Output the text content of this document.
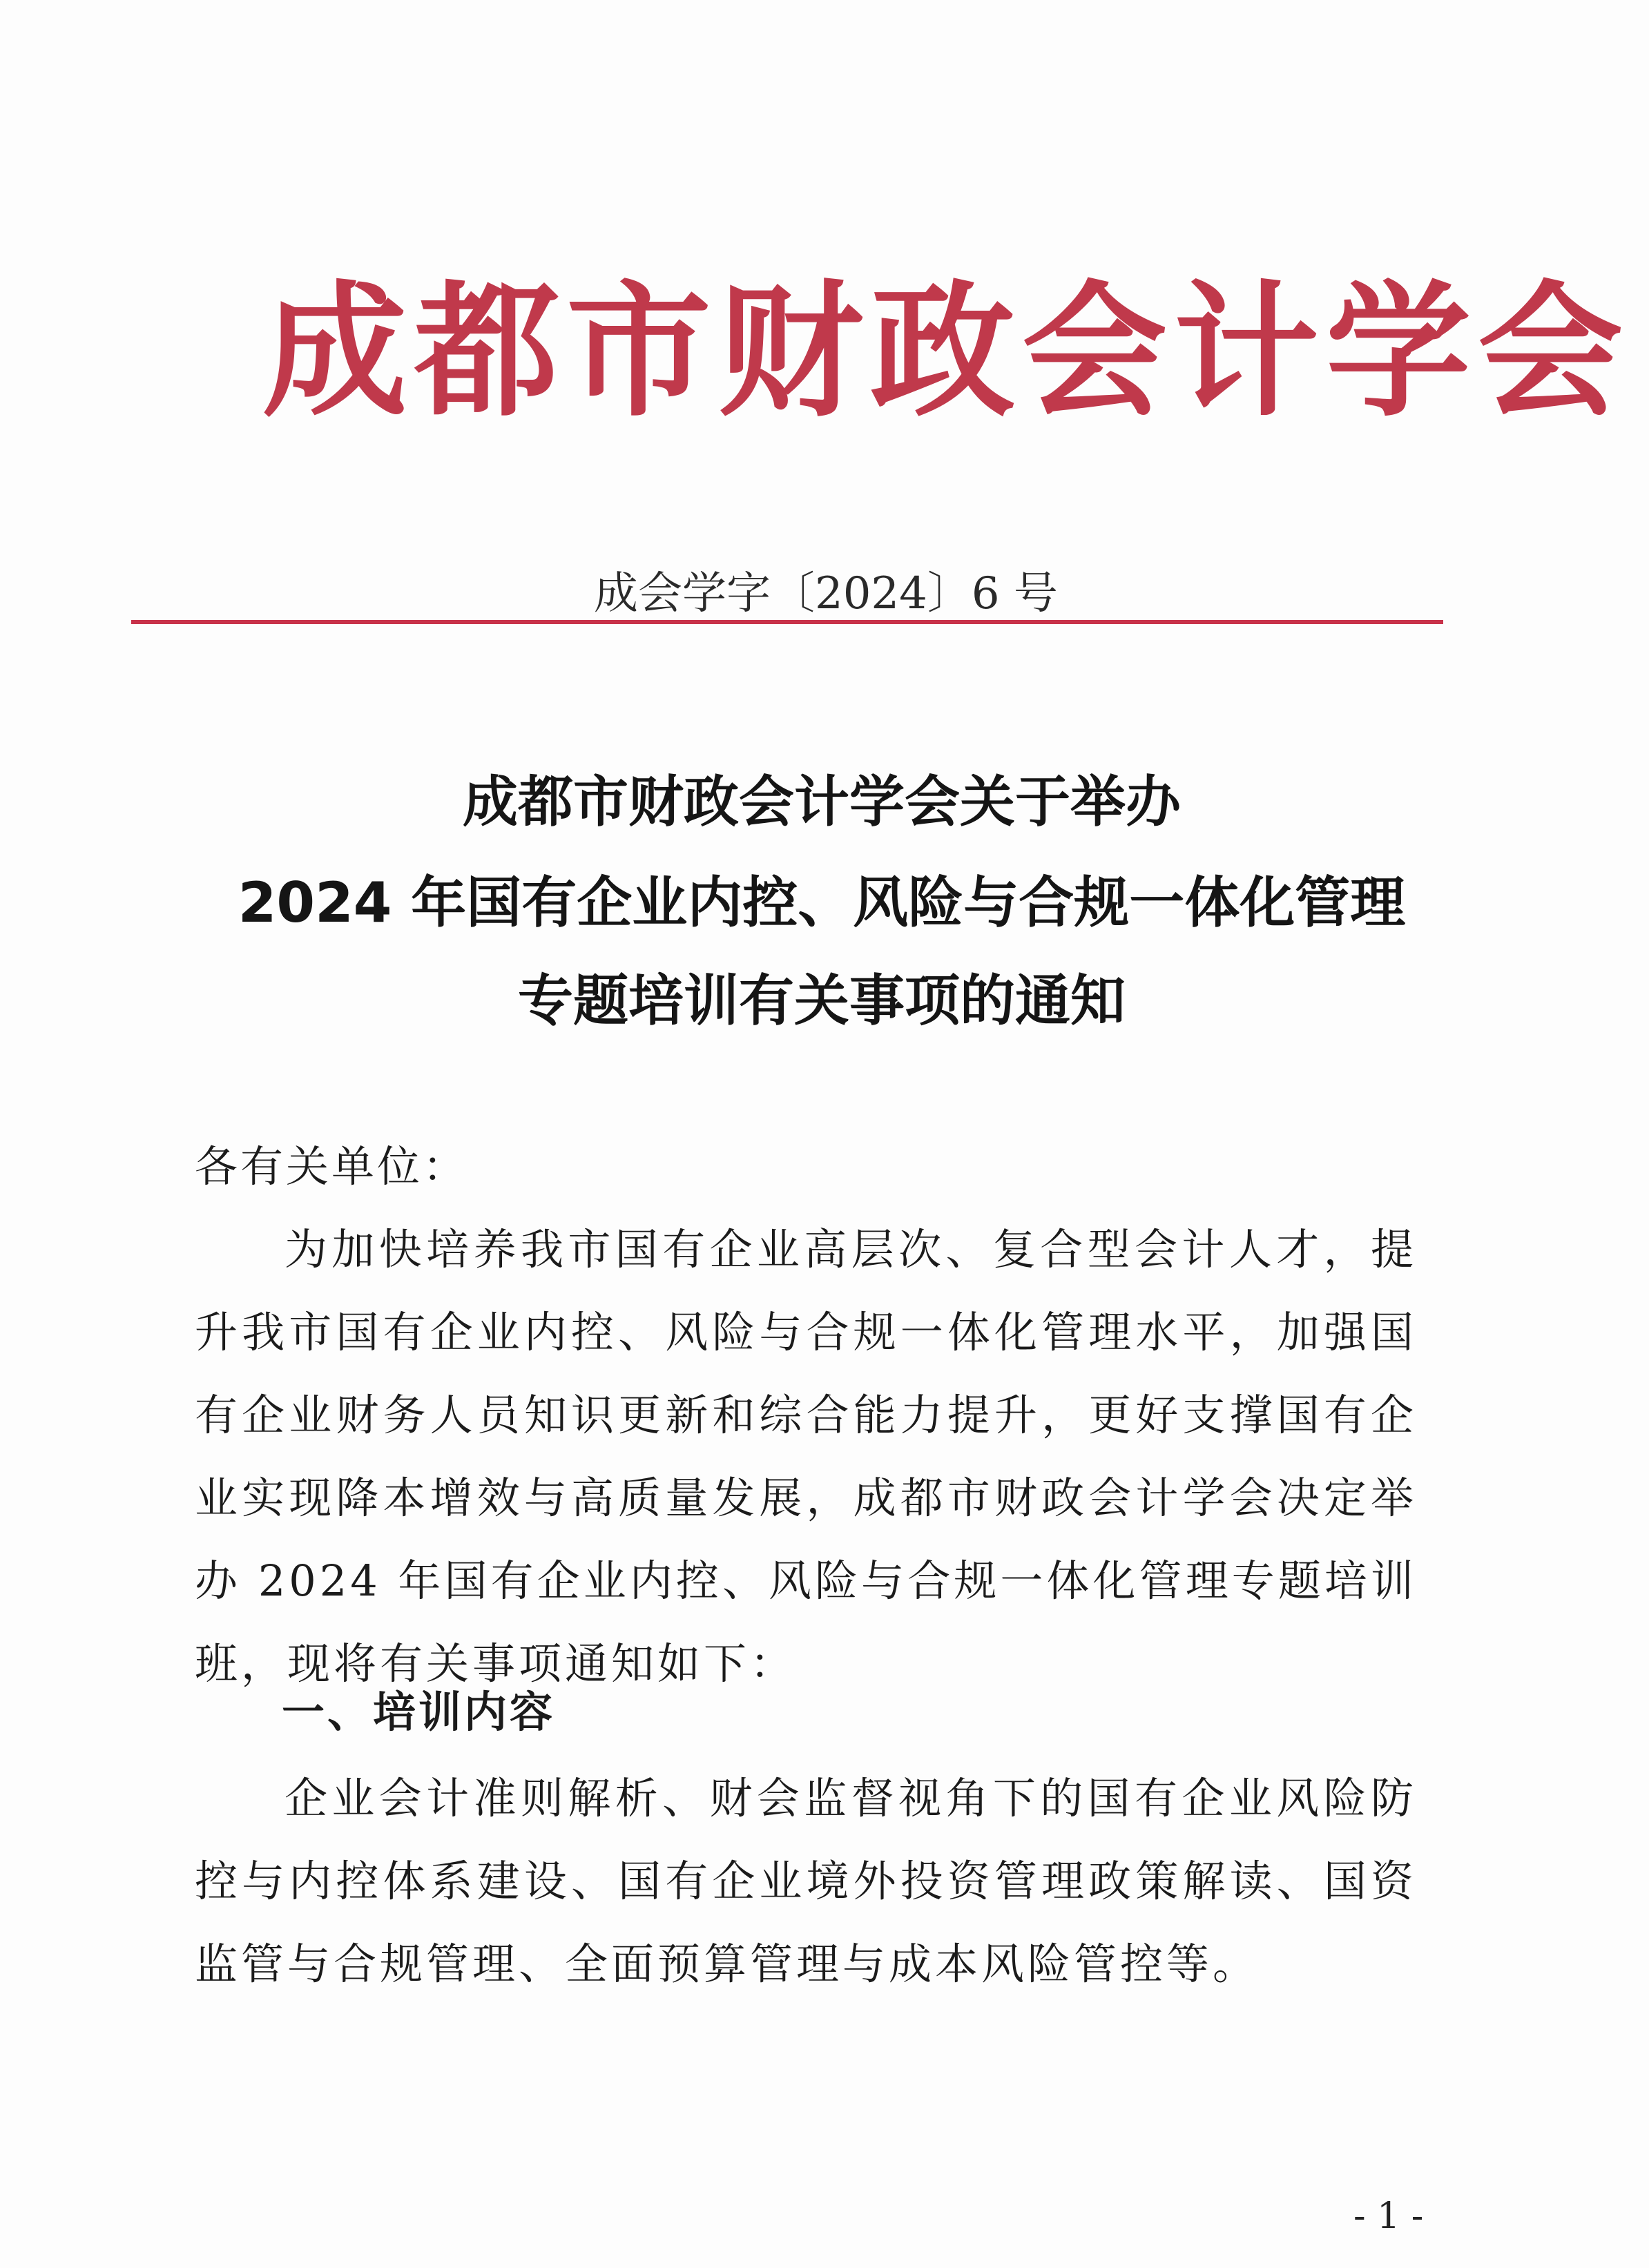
成都市财政会计学会
成会学字〔2024〕6 号
成都市财政会计学会关于举办
2024 年国有企业内控、风险与合规一体化管理
专题培训有关事项的通知
各有关单位：
为加快培养我市国有企业高层次、复合型会计人才，提升我市国有企业内控、风险与合规一体化管理水平，加强国有企业财务人员知识更新和综合能力提升，更好支撑国有企业实现降本增效与高质量发展，成都市财政会计学会决定举办 2024 年国有企业内控、风险与合规一体化管理专题培训班，现将有关事项通知如下：
一、培训内容
企业会计准则解析、财会监督视角下的国有企业风险防控与内控体系建设、国有企业境外投资管理政策解读、国资监管与合规管理、全面预算管理与成本风险管控等。
- 1 -
